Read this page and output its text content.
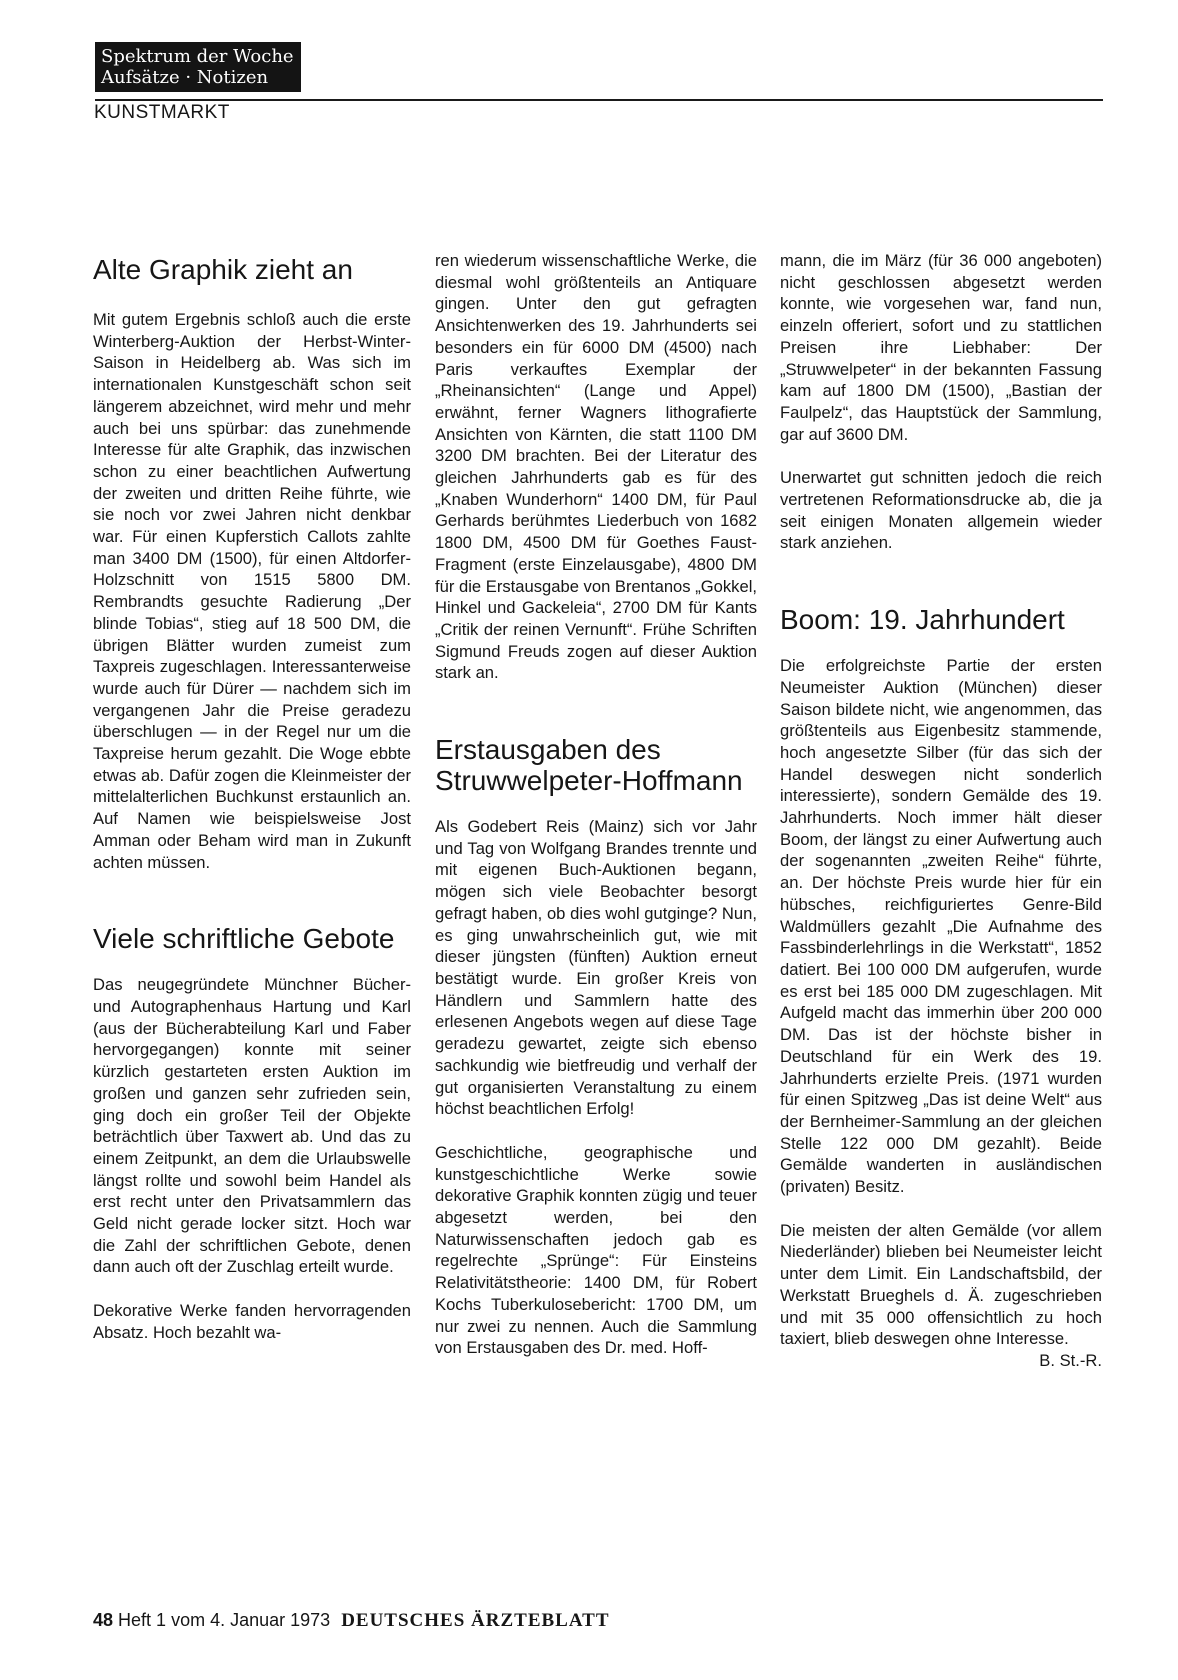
Spektrum der Woche
Aufsätze · Notizen
KUNSTMARKT
Alte Graphik zieht an

Mit gutem Ergebnis schloß auch die erste Winterberg-Auktion der Herbst-Winter-Saison in Heidelberg ab. Was sich im internationalen Kunstgeschäft schon seit längerem abzeichnet, wird mehr und mehr auch bei uns spürbar: das zunehmende Interesse für alte Graphik, das inzwischen schon zu einer beachtlichen Aufwertung der zweiten und dritten Reihe führte, wie sie noch vor zwei Jahren nicht denkbar war. Für einen Kupferstich Callots zahlte man 3400 DM (1500), für einen Altdorfer-Holzschnitt von 1515 5800 DM. Rembrandts gesuchte Radierung „Der blinde Tobias“, stieg auf 18 500 DM, die übrigen Blätter wurden zumeist zum Taxpreis zugeschlagen. Interessanterweise wurde auch für Dürer — nachdem sich im vergangenen Jahr die Preise geradezu überschlugen — in der Regel nur um die Taxpreise herum gezahlt. Die Woge ebbte etwas ab. Dafür zogen die Kleinmeister der mittelalterlichen Buchkunst erstaunlich an. Auf Namen wie beispielsweise Jost Amman oder Beham wird man in Zukunft achten müssen.

Viele schriftliche Gebote

Das neugegründete Münchner Bücher- und Autographenhaus Hartung und Karl (aus der Bücherabteilung Karl und Faber hervorgegangen) konnte mit seiner kürzlich gestarteten ersten Auktion im großen und ganzen sehr zufrieden sein, ging doch ein großer Teil der Objekte beträchtlich über Taxwert ab. Und das zu einem Zeitpunkt, an dem die Urlaubswelle längst rollte und sowohl beim Handel als erst recht unter den Privatsammlern das Geld nicht gerade locker sitzt. Hoch war die Zahl der schriftlichen Gebote, denen dann auch oft der Zuschlag erteilt wurde.

Dekorative Werke fanden hervorragenden Absatz. Hoch bezahlt wa-

ren wiederum wissenschaftliche Werke, die diesmal wohl größtenteils an Antiquare gingen. Unter den gut gefragten Ansichtenwerken des 19. Jahrhunderts sei besonders ein für 6000 DM (4500) nach Paris verkauftes Exemplar der „Rheinansichten“ (Lange und Appel) erwähnt, ferner Wagners lithografierte Ansichten von Kärnten, die statt 1100 DM 3200 DM brachten. Bei der Literatur des gleichen Jahrhunderts gab es für des „Knaben Wunderhorn“ 1400 DM, für Paul Gerhards berühmtes Liederbuch von 1682 1800 DM, 4500 DM für Goethes Faust-Fragment (erste Einzelausgabe), 4800 DM für die Erstausgabe von Brentanos „Gokkel, Hinkel und Gackeleia“, 2700 DM für Kants „Critik der reinen Vernunft“. Frühe Schriften Sigmund Freuds zogen auf dieser Auktion stark an.

Erstausgaben des Struwwelpeter-Hoffmann

Als Godebert Reis (Mainz) sich vor Jahr und Tag von Wolfgang Brandes trennte und mit eigenen Buch-Auktionen begann, mögen sich viele Beobachter besorgt gefragt haben, ob dies wohl gutginge? Nun, es ging unwahrscheinlich gut, wie mit dieser jüngsten (fünften) Auktion erneut bestätigt wurde. Ein großer Kreis von Händlern und Sammlern hatte des erlesenen Angebots wegen auf diese Tage geradezu gewartet, zeigte sich ebenso sachkundig wie bietfreudig und verhalf der gut organisierten Veranstaltung zu einem höchst beachtlichen Erfolg!

Geschichtliche, geographische und kunstgeschichtliche Werke sowie dekorative Graphik konnten zügig und teuer abgesetzt werden, bei den Naturwissenschaften jedoch gab es regelrechte „Sprünge“: Für Einsteins Relativitätstheorie: 1400 DM, für Robert Kochs Tuberkulosebericht: 1700 DM, um nur zwei zu nennen. Auch die Sammlung von Erstausgaben des Dr. med. Hoff-

mann, die im März (für 36 000 angeboten) nicht geschlossen abgesetzt werden konnte, wie vorgesehen war, fand nun, einzeln offeriert, sofort und zu stattlichen Preisen ihre Liebhaber: Der „Struwwelpeter“ in der bekannten Fassung kam auf 1800 DM (1500), „Bastian der Faulpelz“, das Hauptstück der Sammlung, gar auf 3600 DM.

Unerwartet gut schnitten jedoch die reich vertretenen Reformationsdrucke ab, die ja seit einigen Monaten allgemein wieder stark anziehen.

Boom: 19. Jahrhundert

Die erfolgreichste Partie der ersten Neumeister Auktion (München) dieser Saison bildete nicht, wie angenommen, das größtenteils aus Eigenbesitz stammende, hoch angesetzte Silber (für das sich der Handel deswegen nicht sonderlich interessierte), sondern Gemälde des 19. Jahrhunderts. Noch immer hält dieser Boom, der längst zu einer Aufwertung auch der sogenannten „zweiten Reihe“ führte, an. Der höchste Preis wurde hier für ein hübsches, reichfiguriertes Genre-Bild Waldmüllers gezahlt „Die Aufnahme des Fassbinderlehrlings in die Werkstatt“, 1852 datiert. Bei 100 000 DM aufgerufen, wurde es erst bei 185 000 DM zugeschlagen. Mit Aufgeld macht das immerhin über 200 000 DM. Das ist der höchste bisher in Deutschland für ein Werk des 19. Jahrhunderts erzielte Preis. (1971 wurden für einen Spitzweg „Das ist deine Welt“ aus der Bernheimer-Sammlung an der gleichen Stelle 122 000 DM gezahlt). Beide Gemälde wanderten in ausländischen (privaten) Besitz.

Die meisten der alten Gemälde (vor allem Niederländer) blieben bei Neumeister leicht unter dem Limit. Ein Landschaftsbild, der Werkstatt Brueghels d. Ä. zugeschrieben und mit 35 000 offensichtlich zu hoch taxiert, blieb deswegen ohne Interesse.
B. St.-R.

48 Heft 1 vom 4. Januar 1973 DEUTSCHES ÄRZTEBLATT
